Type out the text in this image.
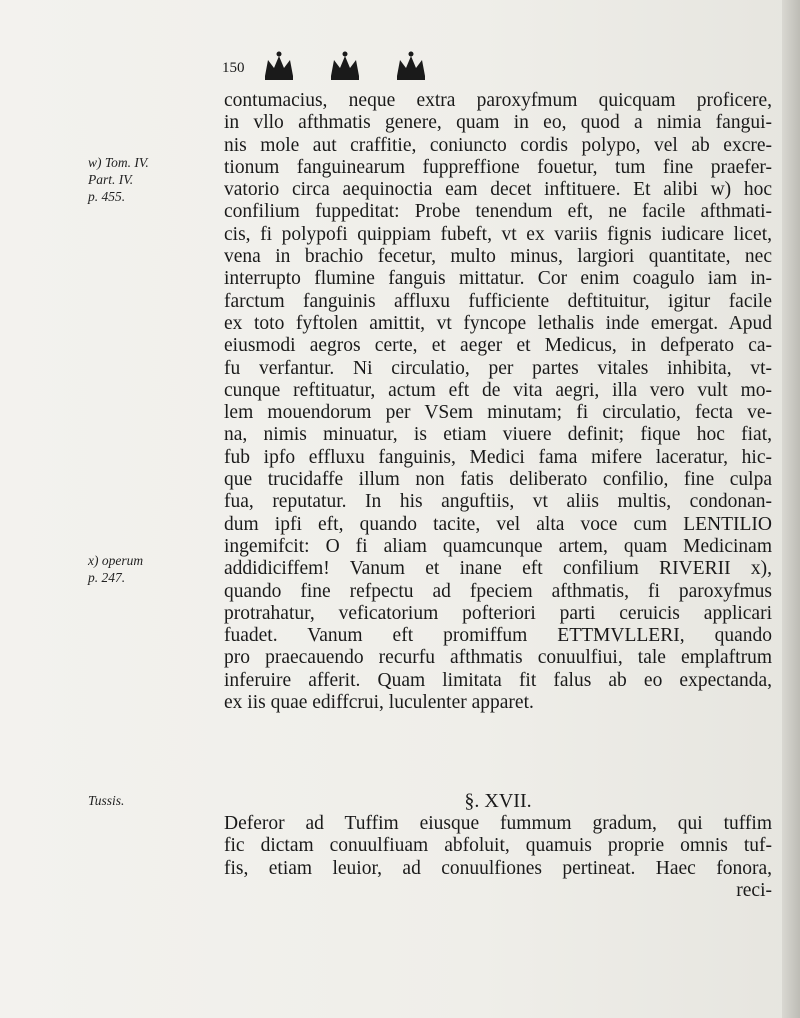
150
w) Tom. IV.
Part. IV.
p. 455.
x) operum
p. 247.
Tussis.
contumacius, neque extra paroxyfmum quicquam proficere,
in vllo afthmatis genere, quam in eo, quod a nimia fangui-
nis mole aut craffitie, coniuncto cordis polypo, vel ab excre-
tionum fanguinearum fuppreffione fouetur, tum fine praefer-
vatorio circa aequinoctia eam decet inftituere. Et alibi w) hoc
confilium fuppeditat: Probe tenendum eft, ne facile afthmati-
cis, fi polypofi quippiam fubeft, vt ex variis fignis iudicare licet,
vena in brachio fecetur, multo minus, largiori quantitate, nec
interrupto flumine fanguis mittatur. Cor enim coagulo iam in-
farctum fanguinis affluxu fufficiente deftituitur, igitur facile
ex toto fyftolen amittit, vt fyncope lethalis inde emergat. Apud
eiusmodi aegros certe, et aeger et Medicus, in defperato ca-
fu verfantur. Ni circulatio, per partes vitales inhibita, vt-
cunque reftituatur, actum eft de vita aegri, illa vero vult mo-
lem mouendorum per VSem minutam; fi circulatio, fecta ve-
na, nimis minuatur, is etiam viuere definit; fique hoc fiat,
fub ipfo effluxu fanguinis, Medici fama mifere laceratur, hic-
que trucidaffe illum non fatis deliberato confilio, fine culpa
fua, reputatur. In his anguftiis, vt aliis multis, condonan-
dum ipfi eft, quando tacite, vel alta voce cum LENTILIO
ingemifcit: O fi aliam quamcunque artem, quam Medicinam
addidiciffem! Vanum et inane eft confilium RIVERII x),
quando fine refpectu ad fpeciem afthmatis, fi paroxyfmus
protrahatur, veficatorium pofteriori parti ceruicis applicari
fuadet. Vanum eft promiffum ETTMVLLERI, quando
pro praecauendo recurfu afthmatis conuulfiui, tale emplaftrum
inferuire afferit. Quam limitata fit falus ab eo expectanda,
ex iis quae ediffcrui, luculenter apparet.
§. XVII.
Deferor ad Tuffim eiusque fummum gradum, qui tuffim
fic dictam conuulfiuam abfoluit, quamuis proprie omnis tuf-
fis, etiam leuior, ad conuulfiones pertineat. Haec fonora,
reci-
